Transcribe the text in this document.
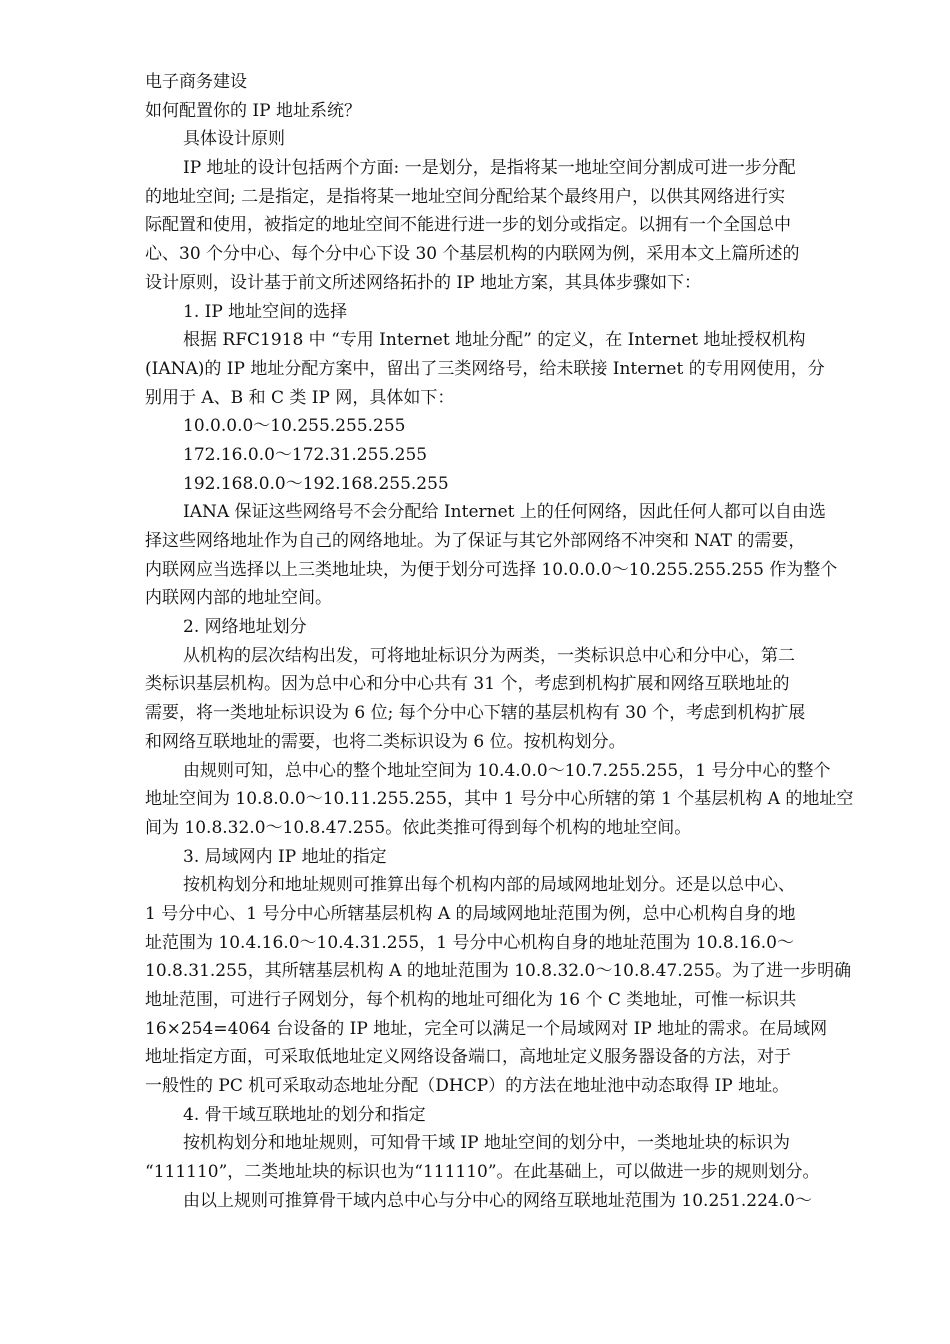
电子商务建设
如何配置你的 IP 地址系统？
具体设计原则
IP 地址的设计包括两个方面: 一是划分，是指将某一地址空间分割成可进一步分配
的地址空间; 二是指定，是指将某一地址空间分配给某个最终用户，以供其网络进行实
际配置和使用，被指定的地址空间不能进行进一步的划分或指定。以拥有一个全国总中
心、30 个分中心、每个分中心下设 30 个基层机构的内联网为例，采用本文上篇所述的
设计原则，设计基于前文所述网络拓扑的 IP 地址方案，其具体步骤如下：
1. IP 地址空间的选择
根据 RFC1918 中 “专用 Internet 地址分配” 的定义，在 Internet 地址授权机构
(IANA)的 IP 地址分配方案中，留出了三类网络号，给未联接 Internet 的专用网使用，分
别用于 A、B 和 C 类 IP 网，具体如下：
10.0.0.0～10.255.255.255
172.16.0.0～172.31.255.255
192.168.0.0～192.168.255.255
IANA 保证这些网络号不会分配给 Internet 上的任何网络，因此任何人都可以自由选
择这些网络地址作为自己的网络地址。为了保证与其它外部网络不冲突和 NAT 的需要，
内联网应当选择以上三类地址块，为便于划分可选择 10.0.0.0～10.255.255.255 作为整个
内联网内部的地址空间。
2. 网络地址划分
从机构的层次结构出发，可将地址标识分为两类，一类标识总中心和分中心，第二
类标识基层机构。因为总中心和分中心共有 31 个，考虑到机构扩展和网络互联地址的
需要，将一类地址标识设为 6 位; 每个分中心下辖的基层机构有 30 个，考虑到机构扩展
和网络互联地址的需要，也将二类标识设为 6 位。按机构划分。
由规则可知，总中心的整个地址空间为 10.4.0.0～10.7.255.255，1 号分中心的整个
地址空间为 10.8.0.0～10.11.255.255，其中 1 号分中心所辖的第 1 个基层机构 A 的地址空
间为 10.8.32.0～10.8.47.255。依此类推可得到每个机构的地址空间。
3. 局域网内 IP 地址的指定
按机构划分和地址规则可推算出每个机构内部的局域网地址划分。还是以总中心、
1 号分中心、1 号分中心所辖基层机构 A 的局域网地址范围为例，总中心机构自身的地
址范围为 10.4.16.0～10.4.31.255，1 号分中心机构自身的地址范围为 10.8.16.0～
10.8.31.255，其所辖基层机构 A 的地址范围为 10.8.32.0～10.8.47.255。为了进一步明确
地址范围，可进行子网划分，每个机构的地址可细化为 16 个 C 类地址，可惟一标识共
16×254=4064 台设备的 IP 地址，完全可以满足一个局域网对 IP 地址的需求。在局域网
地址指定方面，可采取低地址定义网络设备端口，高地址定义服务器设备的方法，对于
一般性的 PC 机可采取动态地址分配（DHCP）的方法在地址池中动态取得 IP 地址。
4. 骨干域互联地址的划分和指定
按机构划分和地址规则，可知骨干域 IP 地址空间的划分中，一类地址块的标识为
“111110”，二类地址块的标识也为“111110”。在此基础上，可以做进一步的规则划分。
由以上规则可推算骨干域内总中心与分中心的网络互联地址范围为 10.251.224.0～
